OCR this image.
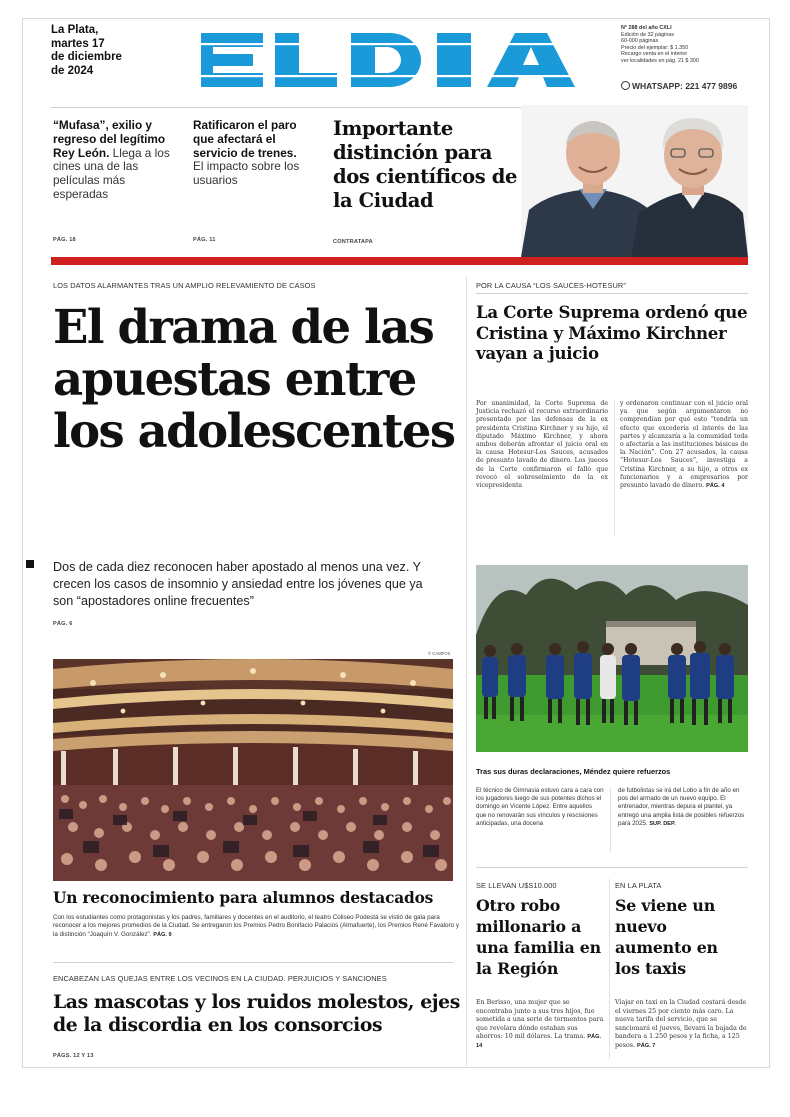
La Plata,
martes 17
de diciembre
de 2024
N° 288 del año CXLI
Edición de 32 páginas
60-000 páginas
Precio del ejemplar: $ 1.350
Recargo venta en el interior
ver localidades en pág. 21 $ 300
WHATSAPP: 221 477 9896
“Mufasa”, exilio y regreso del legítimo Rey León. Llega a los cines una de las películas más esperadas
PÁG. 18
Ratificaron el paro que afectará el servicio de trenes. El impacto sobre los usuarios
PÁG. 11
Importante distinción para dos científicos de la Ciudad
CONTRATAPA
LOS DATOS ALARMANTES TRAS UN AMPLIO RELEVAMIENTO DE CASOS
El drama de las apuestas entre los adolescentes
Dos de cada diez reconocen haber apostado al menos una vez. Y crecen los casos de insomnio y ansiedad entre los jóvenes que ya son “apostadores online frecuentes”
PÁG. 6
POR LA CAUSA “LOS SAUCES-HOTESUR”
La Corte Suprema ordenó que Cristina y Máximo Kirchner vayan a juicio
Por unanimidad, la Corte Suprema de Justicia rechazó el recurso extraordinario presentado por las defensas de la ex presidenta Cristina Kirchner y su hijo, el diputado Máximo Kirchner, y ahora ambos deberán afrontar el juicio oral en la causa Hotesur-Los Sauces, acusados de presunto lavado de dinero. Los jueces de la Corte confirmaron el fallo que revocó el sobreseimiento de la ex vicepresidenta
y ordenaron continuar con el juicio oral ya que según argumentaron no comprendían por qué esto “tendría un efecto que excedería el interés de las partes y alcanzaría a la comunidad toda o afectaría a las instituciones básicas de la Nación”. Con 27 acusados, la causa “Hotesur-Los Sauces”, investiga a Cristina Kirchner, a su hijo, a otros ex funcionarios y a empresarios por presunto lavado de dinero. PÁG. 4
Tras sus duras declaraciones, Méndez quiere refuerzos
El técnico de Gimnasia estuvo cara a cara con los jugadores luego de sus potentes dichos el domingo en Vicente López. Entre aquellos que no renovarán sus vínculos y rescisiones anticipadas, una docena
de futbolistas se irá del Lobo a fin de año en pos del armado de un nuevo equipo. El entrenador, mientras depura el plantel, ya entregó una amplia lista de posibles refuerzos para 2025. SUP. DEP.
© CAMPOS
Un reconocimiento para alumnos destacados
Con los estudiantes como protagonistas y los padres, familiares y docentes en el auditorio, el teatro Coliseo Podestá se vistió de gala para reconocer a los mejores promedios de la Ciudad. Se entregaron los Premios Pedro Bonifacio Palacios (Almafuerte), los Premios René Favaloro y la distinción “Joaquín V. González”. PÁG. 9
ENCABEZAN LAS QUEJAS ENTRE LOS VECINOS EN LA CIUDAD. PERJUICIOS Y SANCIONES
Las mascotas y los ruidos molestos, ejes de la discordia en los consorcios
PÁGS. 12 Y 13
SE LLEVAN U$S10.000
Otro robo millonario a una familia en la Región
En Berisso, una mujer que se encontraba junto a sus tres hijos, fue sometida a una serie de tormentos para que revelara dónde estaban sus ahorros: 10 mil dólares. La trama. PÁG. 14
EN LA PLATA
Se viene un nuevo aumento en los taxis
Viajar en taxi en la Ciudad costará desde el viernes 25 por ciento más caro. La nueva tarifa del servicio, que se sancionará el jueves, llevará la bajada de bandera a 1.250 pesos y la ficha, a 125 pesos. PÁG. 7
